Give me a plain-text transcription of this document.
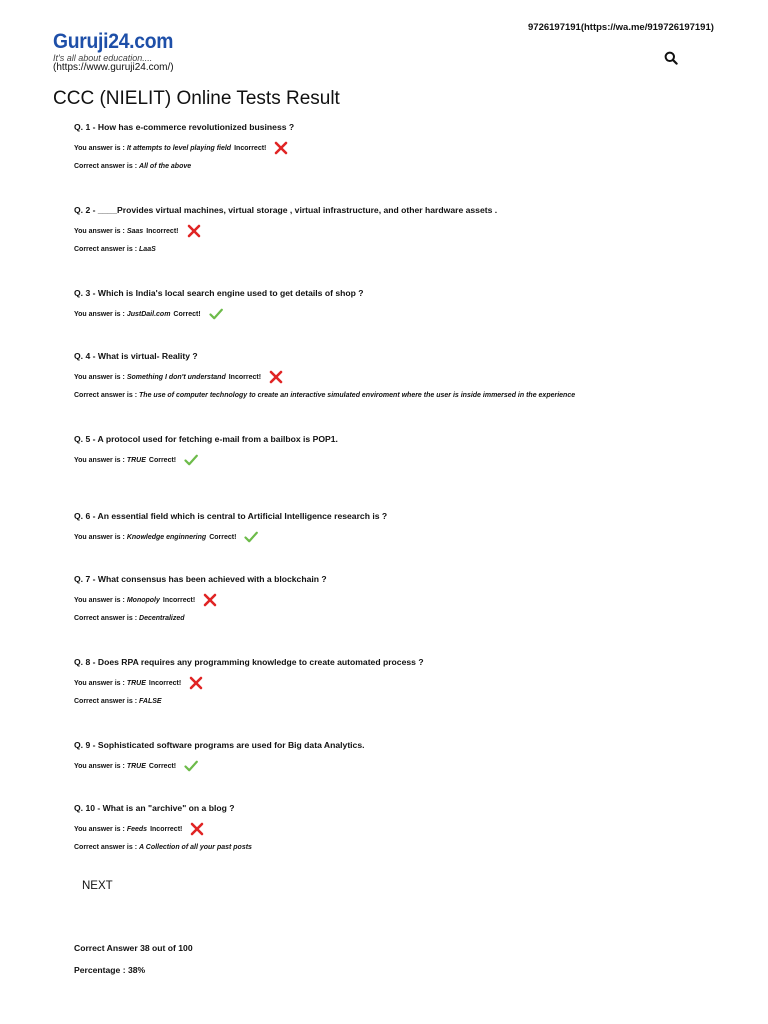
Guruji24.com
It's all about education....
(https://www.guruji24.com/)
9726197191(https://wa.me/919726197191)
CCC (NIELIT) Online Tests Result
Q. 1 - How has e-commerce revolutionized business ?
You answer is : It attempts to level playing field Incorrect!
Correct answer is : All of the above
Q. 2 - ____Provides virtual machines, virtual storage , virtual infrastructure, and other hardware assets .
You answer is : Saas Incorrect!
Correct answer is : LaaS
Q. 3 - Which is India's local search engine used to get details of shop ?
You answer is : JustDail.com Correct!
Q. 4 - What is virtual- Reality ?
You answer is : Something I don't understand Incorrect!
Correct answer is : The use of computer technology to create an interactive simulated enviroment where the user is inside immersed in the experience
Q. 5 - A protocol used for fetching e-mail from a bailbox is POP1.
You answer is : TRUE Correct!
Q. 6 - An essential field which is central to Artificial Intelligence research is ?
You answer is : Knowledge enginnering Correct!
Q. 7 - What consensus has been achieved with a blockchain ?
You answer is : Monopoly Incorrect!
Correct answer is : Decentralized
Q. 8 - Does RPA requires any programming knowledge to create automated process ?
You answer is : TRUE Incorrect!
Correct answer is : FALSE
Q. 9 - Sophisticated software programs are used for Big data Analytics.
You answer is : TRUE Correct!
Q. 10 - What is an "archive" on a blog ?
You answer is : Feeds Incorrect!
Correct answer is : A Collection of all your past posts
NEXT
Correct Answer 38 out of 100
Percentage : 38%
